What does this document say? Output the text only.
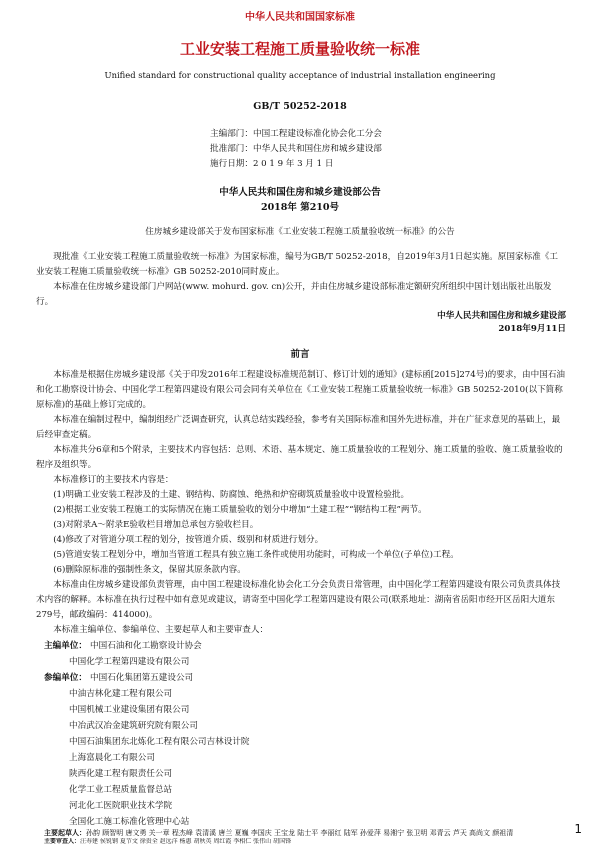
中华人民共和国国家标准
工业安装工程施工质量验收统一标准
Unified standard for constructional quality acceptance of industrial installation engineering
GB/T 50252-2018
主编部门：中国工程建设标准化协会化工分会
批准部门：中华人民共和国住房和城乡建设部
施行日期：2 0 1 9 年 3 月 1 日
中华人民共和国住房和城乡建设部公告
2018年 第210号
住房城乡建设部关于发布国家标准《工业安装工程施工质量验收统一标准》的公告
现批准《工业安装工程施工质量验收统一标准》为国家标准，编号为GB/T 50252-2018，自2019年3月1日起实施。原国家标准《工业安装工程施工质量验收统一标准》GB 50252-2010同时废止。
本标准在住房城乡建设部门户网站(www. mohurd. gov. cn)公开，并由住房城乡建设部标准定额研究所组织中国计划出版社出版发行。
中华人民共和国住房和城乡建设部
2018年9月11日
前言
本标准是根据住房城乡建设部《关于印发2016年工程建设标准规范制订、修订计划的通知》(建标函[2015]274号)的要求，由中国石油和化工勘察设计协会、中国化学工程第四建设有限公司会同有关单位在《工业安装工程施工质量验收统一标准》GB 50252-2010(以下简称原标准)的基础上修订完成的。
本标准在编制过程中，编制组经广泛调查研究，认真总结实践经验，参考有关国际标准和国外先进标准，并在广征求意见的基础上，最后经审查定稿。
本标准共分6章和5个附录，主要技术内容包括：总则、术语、基本规定、施工质量验收的工程划分、施工质量的验收、施工质量验收的程序及组织等。
本标准修订的主要技术内容是：
(1)明确工业安装工程涉及的土建、钢结构、防腐蚀、绝热和炉窑砌筑质量验收中设置检验批。
(2)根据工业安装工程施工的实际情况在施工质量验收的划分中增加“土建工程”“钢结构工程”两节。
(3)对附录A～附录E验收栏目增加总承包方验收栏目。
(4)修改了对管道分项工程的划分，按管道介质、级别和材质进行划分。
(5)管道安装工程划分中，增加当管道工程具有独立施工条件或使用功能时，可构成一个单位(子单位)工程。
(6)删除原标准的强制性条文，保留其原条款内容。
本标准由住房城乡建设部负责管理，由中国工程建设标准化协会化工分会负责日常管理，由中国化学工程第四建设有限公司负责具体技术内容的解释。本标准在执行过程中如有意见或建议，请寄至中国化学工程第四建设有限公司(联系地址：湖南省岳阳市经开区岳阳大道东279号，邮政编码：414000)。
本标准主编单位、参编单位、主要起草人和主要审查人：
主编单位： 中国石油和化工勘察设计协会
中国化学工程第四建设有限公司
参编单位： 中国石化集团第五建设公司
中油吉林化建工程有限公司
中国机械工业建设集团有限公司
中冶武汉冶金建筑研究院有限公司
中国石油集团东北炼化工程有限公司吉林设计院
上海富晨化工有限公司
陕西化建工程有限责任公司
化学工业工程质量监督总站
河北化工医院职业技术学院
全国化工施工标准化管理中心站
主要起草人：孙韵 顾智明 唐文勇 关一章 程杰峰 袁清溪 唐兰 夏巍 李国庆 王宝龙 陆士平 李丽红 陆军 孙爱萍 易湘宁 张卫明 邓青云 芦天 高尚文 颜祖清
主要审查人：汪寿建 侯锐钢 夏节文 徐贵全 赵远洋 杨惠 胡秋英 周红霞 李相仁 张伟山 胡国锋
1
